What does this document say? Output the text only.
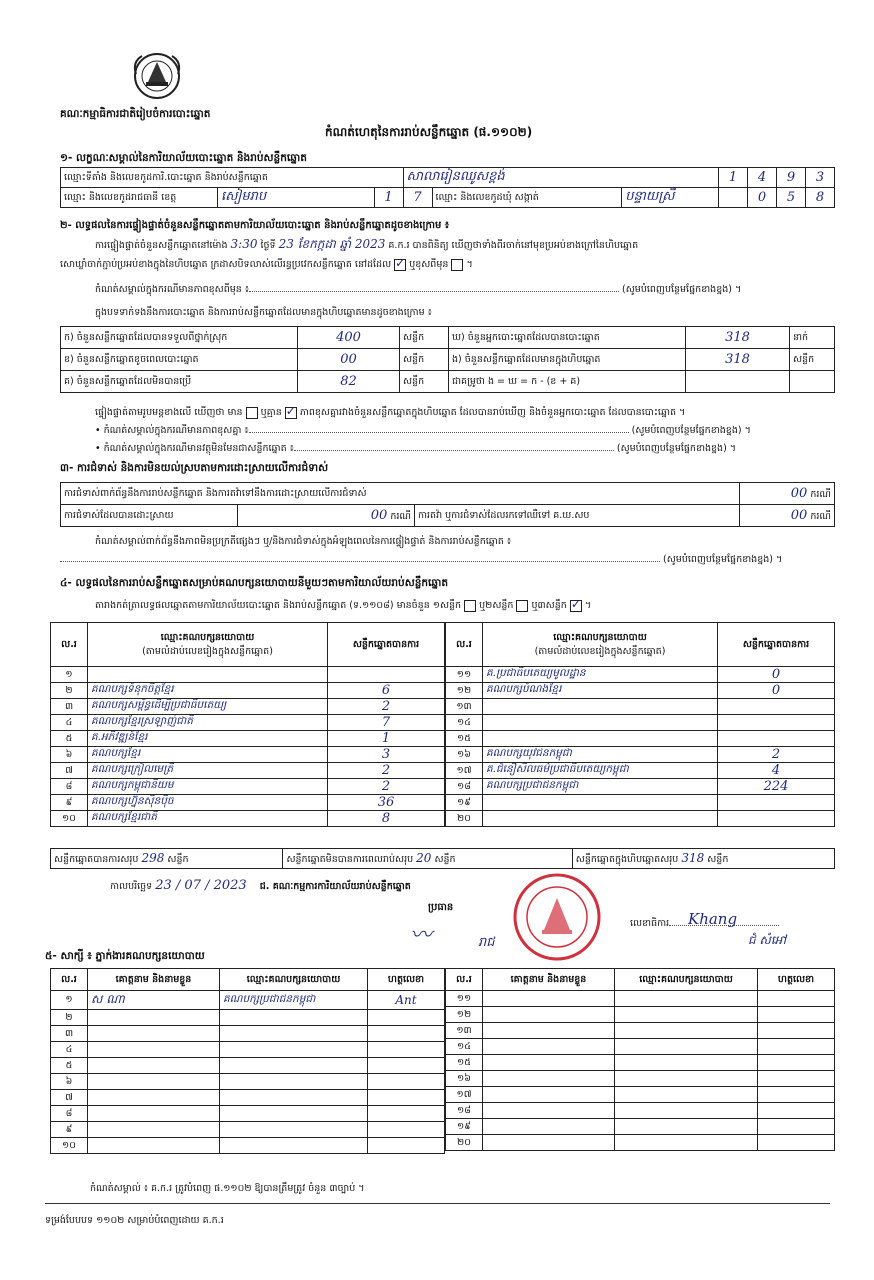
គណៈកម្មាធិការជាតិរៀបចំការបោះឆ្នោត
កំណត់ហេតុនៃការរាប់សន្លឹកឆ្នោត (ផ.១១០២)
១- លក្ខណៈសម្គាល់នៃការិយាល័យបោះឆ្នោត និងរាប់សន្លឹកឆ្នោត
ឈ្មោះទីតាំង និងលេខកូដការិ.បោះឆ្នោត និងរាប់សន្លឹកឆ្នោត			សាលារៀនឈូសខ្ពង់			1	4	9	3
ឈ្មោះ និងលេខកូដរាជធានី ខេត្ត	សៀមរាប	1	7	ឈ្មោះ និងលេខកូដឃុំ សង្កាត់	បន្ទាយស្រី		0	5	8
២- លទ្ធផលនៃការផ្ទៀងផ្ទាត់ចំនួនសន្លឹកឆ្នោតតាមការិយាល័យបោះឆ្នោត និងរាប់សន្លឹកឆ្នោតដូចខាងក្រោម ៖
ការផ្ទៀងផ្ទាត់ចំនួនសន្លឹកឆ្នោតនៅម៉ោង 3:30 ថ្ងៃទី 23 ខែកក្កដា ឆ្នាំ 2023 គ.ក.រ បានពិនិត្យ ឃើញថាទាំងពីរចាក់នៅមុខប្រអប់ខាងក្រៅនៃហិបឆ្នោត
សោឃ្លាំចាក់ភ្ជាប់ប្រអប់ខាងក្នុងនៃហិបឆ្នោត ក្រដាសបិទលាស់លើរន្ធប្រវេកសន្លឹកឆ្នោត នៅដដែល ✓ ឬខុសពីមុន  ។
កំណត់សម្គាល់ក្នុងករណីមានភាពខុសពីមុន ៖	(សូមបំពេញបន្ថែមផ្នែកខាងខ្នង) ។
ក្នុងបទទាក់ទងនឹងការបោះឆ្នោត និងការរាប់សន្លឹកឆ្នោតដែលមានក្នុងហិបឆ្នោតមានដូចខាងក្រោម ៖
ក) ចំនួនសន្លឹកឆ្នោតដែលបានទទួលពីថ្នាក់ស្រុក	400	សន្លឹក	ឃ) ចំនួនអ្នកបោះឆ្នោតដែលបានបោះឆ្នោត	318	នាក់
ខ) ចំនួនសន្លឹកឆ្នោតខូចពេលបោះឆ្នោត	00	សន្លឹក	ង) ចំនួនសន្លឹកឆ្នោតដែលមានក្នុងហិបឆ្នោត	318	សន្លឹក
គ) ចំនួនសន្លឹកឆ្នោតដែលមិនបានប្រើ	82	សន្លឹក	ជាគម្រូថា ង = ឃ = ក - (ខ + គ)		
ផ្ទៀងផ្ទាត់តាមរូបមន្តខាងលើ ឃើញថា មាន ឬគ្មាន ✓ ភាពខុសគ្នារវាងចំនួនសន្លឹកឆ្នោតក្នុងហិបឆ្នោត ដែលបានរាប់ឃើញ និងចំនួនអ្នកបោះឆ្នោត ដែលបានបោះឆ្នោត ។
• កំណត់សម្គាល់ក្នុងករណីមានភាពខុសគ្នា ៖	(សូមបំពេញបន្ថែមផ្នែកខាងខ្នង) ។
• កំណត់សម្គាល់ក្នុងករណីមានវត្ថុមិនមែនជាសន្លឹកឆ្នោត ៖	(សូមបំពេញបន្ថែមផ្នែកខាងខ្នង) ។
៣- ការជំទាស់ និងការមិនយល់ស្របតាមការដោះស្រាយលើការជំទាស់
ការជំទាស់ពាក់ព័ន្ធនឹងការរាប់សន្លឹកឆ្នោត និងការតវ៉ាទៅនឹងការដោះស្រាយលើការជំទាស់			00 ករណី
ការជំទាស់ដែលបានដោះស្រាយ	00 ករណី	ការតវ៉ា ឬការជំទាស់ដែលរកទៅឈឺទៅ គ.ឃ.សប	00 ករណី
កំណត់សម្គាល់ពាក់ព័ន្ធនឹងភាពមិនប្រក្រតីផ្សេងៗ ឬ/និងការជំទាស់ក្នុងអំឡុងពេលនៃការផ្ទៀងផ្ទាត់ និងការរាប់សន្លឹកឆ្នោត ៖
(សូមបំពេញបន្ថែមផ្នែកខាងខ្នង) ។
៤- លទ្ធផលនៃការរាប់សន្លឹកឆ្នោតសម្រាប់គណបក្សនយោបាយនីមួយៗតាមការិយាល័យរាប់សន្លឹកឆ្នោត
តារាងកត់ត្រាលទ្ធផលឆ្នោតតាមការិយាល័យបោះឆ្នោត និងរាប់សន្លឹកឆ្នោត (ទ.១១០៨) មានចំនួន ១សន្លឹក ឬ២សន្លឹក ឬ៣សន្លឹក ✓ ។
ល.រ	ឈ្មោះគណបក្សនយោបាយ
(តាមលំដាប់លេខរៀងក្នុងសន្លឹកឆ្នោត)	សន្លឹកឆ្នោតបានការ
១		
២	គណបក្សទំនុកចិត្តខ្មែរ	6
៣	គណបក្សសម្ព័ន្ធដើម្បីប្រជាធិបតេយ្យ	2
៤	គណបក្សខ្មែរស្រឡាញ់ជាតិ	7
៥	គ.អភិវឌ្ឍន៍ខ្មែរ	1
៦	គណបក្សខ្មែរ	3
៧	គណបក្សក្រៀលមេត្រី	2
៨	គណបក្សកម្ពុជានិយម	2
៩	គណបក្សហ្វ៊ុនស៊ិនប៉ិច	36
១០	គណបក្សខ្មែរជាតិ	8
ល.រ	ឈ្មោះគណបក្សនយោបាយ
(តាមលំដាប់លេខរៀងក្នុងសន្លឹកឆ្នោត)	សន្លឹកឆ្នោតបានការ
១១	គ.ប្រជាធិបតេយ្យមូលដ្ឋាន	0
១២	គណបក្សបំណងខ្មែរ	0
១៣		
១៤		
១៥		
១៦	គណបក្សយុវជនកម្ពុជា	2
១៧	គ.ជំនឿសីលធម៌ប្រជាធិបតេយ្យកម្ពុជា	4
១៨	គណបក្សប្រជាជនកម្ពុជា	224
១៩		
២០		
សន្លឹកឆ្នោតបានការសរុប 298 សន្លឹក	សន្លឹកឆ្នោតមិនបានការពេលរាប់សរុប 20 សន្លឹក	សន្លឹកឆ្នោតក្នុងហិបឆ្នោតសរុប 318 សន្លឹក
កាលបរិច្ឆេទ 23 / 07 / 2023 ជ. គណៈកម្មការការិយាល័យរាប់សន្លឹកឆ្នោត
ប្រធាន
〰	រាជ
លេខាធិការ	Khang
ជំ សំអៅ
៥- សាក្សី ៖ ភ្នាក់ងារគណបក្សនយោបាយ
ល.រ	គោត្តនាម និងនាមខ្លួន	ឈ្មោះគណបក្សនយោបាយ	ហត្ថលេខា
១	ស ណា	គណបក្សប្រជាជនកម្ពុជា	Ant
២			
៣			
៤			
៥			
៦			
៧			
៨			
៩			
១០			
ល.រ	គោត្តនាម និងនាមខ្លួន	ឈ្មោះគណបក្សនយោបាយ	ហត្ថលេខា
១១			
១២			
១៣			
១៤			
១៥			
១៦			
១៧			
១៨			
១៩			
២០			
កំណត់សម្គាល់ ៖ គ.ក.រ ត្រូវបំពេញ ផ.១១០២ ឱ្យបានត្រឹមត្រូវ ចំនួន ៣ច្បាប់ ។
ទម្រង់បែបបទ ១១០២ សម្រាប់បំពេញដោយ គ.ក.រ
